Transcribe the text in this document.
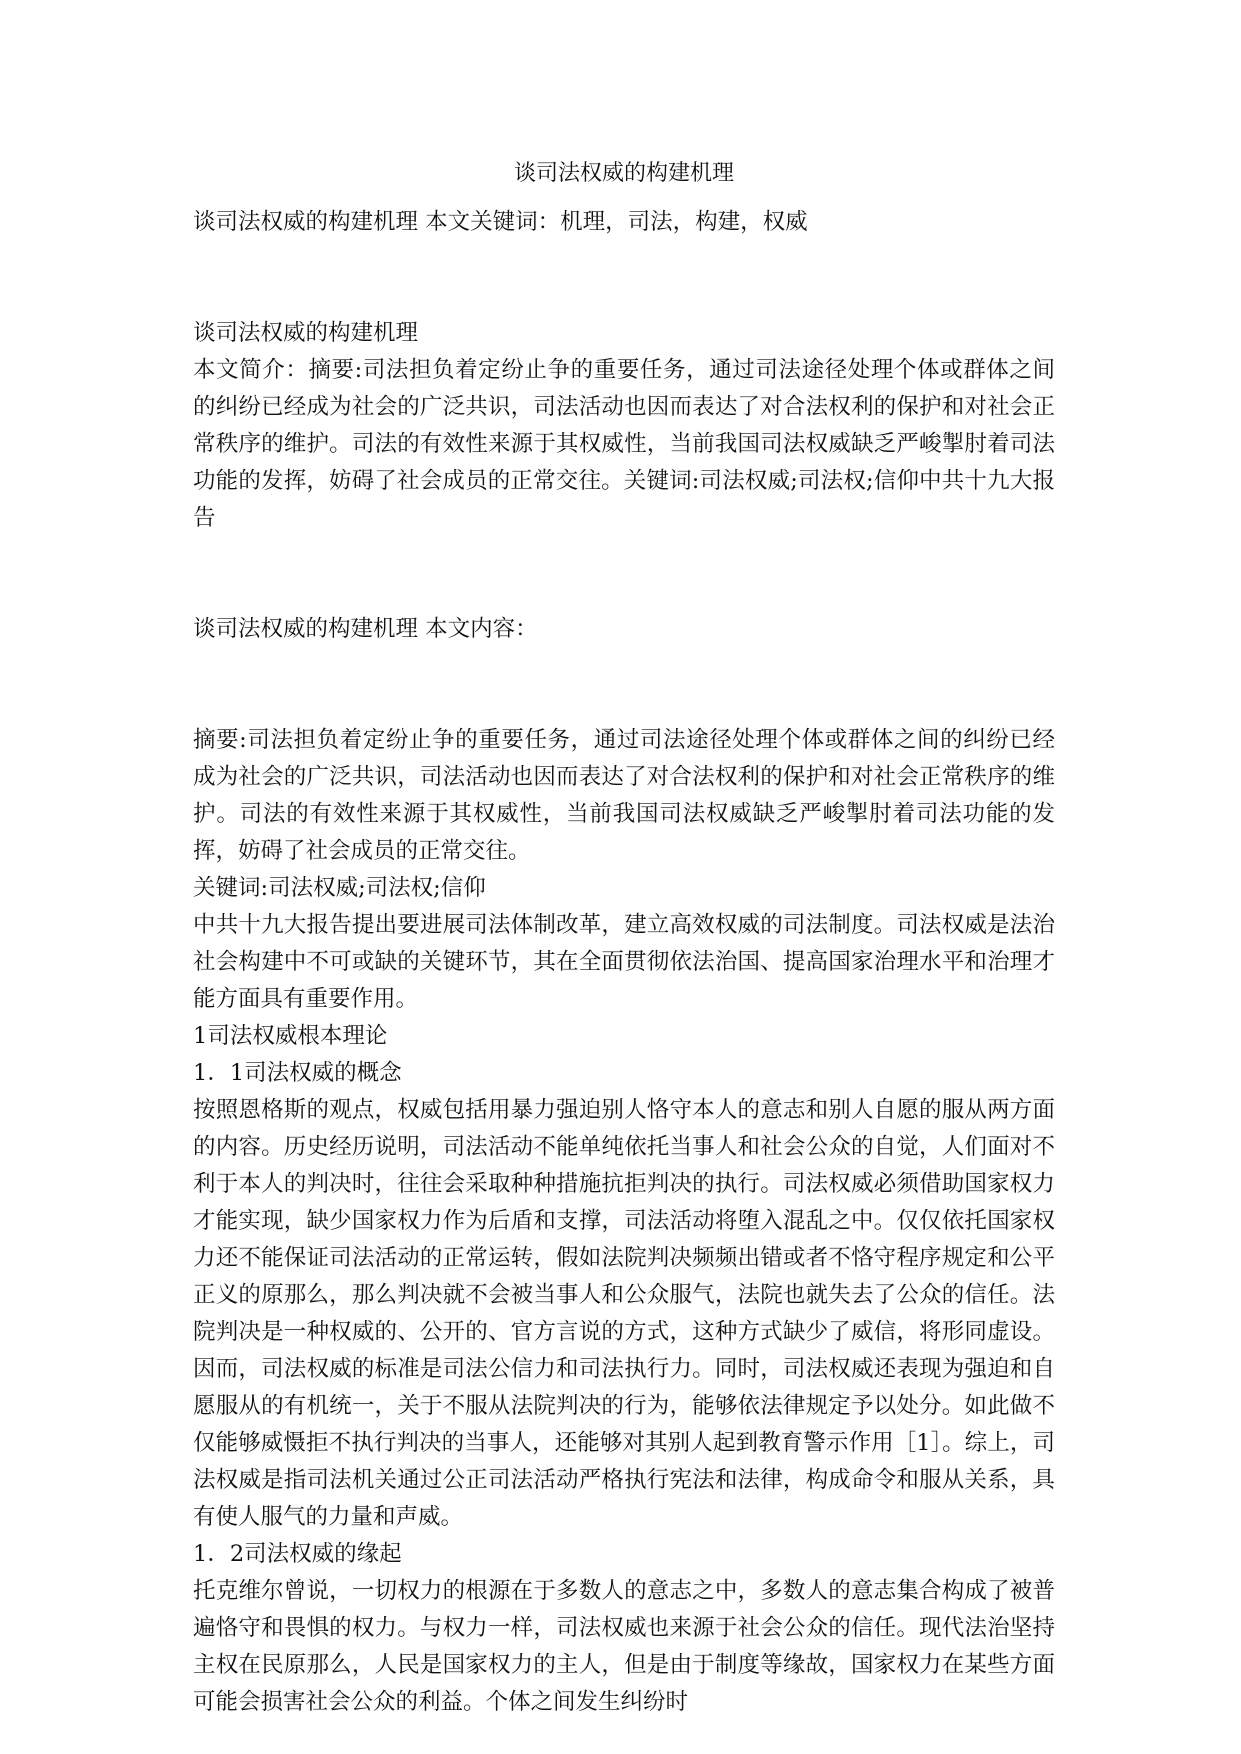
谈司法权威的构建机理

谈司法权威的构建机理 本文关键词：机理，司法，构建，权威

谈司法权威的构建机理

本文简介：摘要:司法担负着定纷止争的重要任务，通过司法途径处理个体或群体之间的纠纷已经成为社会的广泛共识，司法活动也因而表达了对合法权利的保护和对社会正常秩序的维护。司法的有效性来源于其权威性，当前我国司法权威缺乏严峻掣肘着司法功能的发挥，妨碍了社会成员的正常交往。关键词:司法权威;司法权;信仰中共十九大报告

谈司法权威的构建机理 本文内容：

摘要:司法担负着定纷止争的重要任务，通过司法途径处理个体或群体之间的纠纷已经成为社会的广泛共识，司法活动也因而表达了对合法权利的保护和对社会正常秩序的维护。司法的有效性来源于其权威性，当前我国司法权威缺乏严峻掣肘着司法功能的发挥，妨碍了社会成员的正常交往。

关键词:司法权威;司法权;信仰

中共十九大报告提出要进展司法体制改革，建立高效权威的司法制度。司法权威是法治社会构建中不可或缺的关键环节，其在全面贯彻依法治国、提高国家治理水平和治理才能方面具有重要作用。

1司法权威根本理论

1．1司法权威的概念

按照恩格斯的观点，权威包括用暴力强迫别人恪守本人的意志和别人自愿的服从两方面的内容。历史经历说明，司法活动不能单纯依托当事人和社会公众的自觉，人们面对不利于本人的判决时，往往会采取种种措施抗拒判决的执行。司法权威必须借助国家权力才能实现，缺少国家权力作为后盾和支撑，司法活动将堕入混乱之中。仅仅依托国家权力还不能保证司法活动的正常运转，假如法院判决频频出错或者不恪守程序规定和公平正义的原那么，那么判决就不会被当事人和公众服气，法院也就失去了公众的信任。法院判决是一种权威的、公开的、官方言说的方式，这种方式缺少了威信，将形同虚设。因而，司法权威的标准是司法公信力和司法执行力。同时，司法权威还表现为强迫和自愿服从的有机统一，关于不服从法院判决的行为，能够依法律规定予以处分。如此做不仅能够威慑拒不执行判决的当事人，还能够对其别人起到教育警示作用［1］。综上，司法权威是指司法机关通过公正司法活动严格执行宪法和法律，构成命令和服从关系，具有使人服气的力量和声威。

1．2司法权威的缘起

托克维尔曾说，一切权力的根源在于多数人的意志之中，多数人的意志集合构成了被普遍恪守和畏惧的权力。与权力一样，司法权威也来源于社会公众的信任。现代法治坚持主权在民原那么，人民是国家权力的主人，但是由于制度等缘故，国家权力在某些方面可能会损害社会公众的利益。个体之间发生纠纷时
